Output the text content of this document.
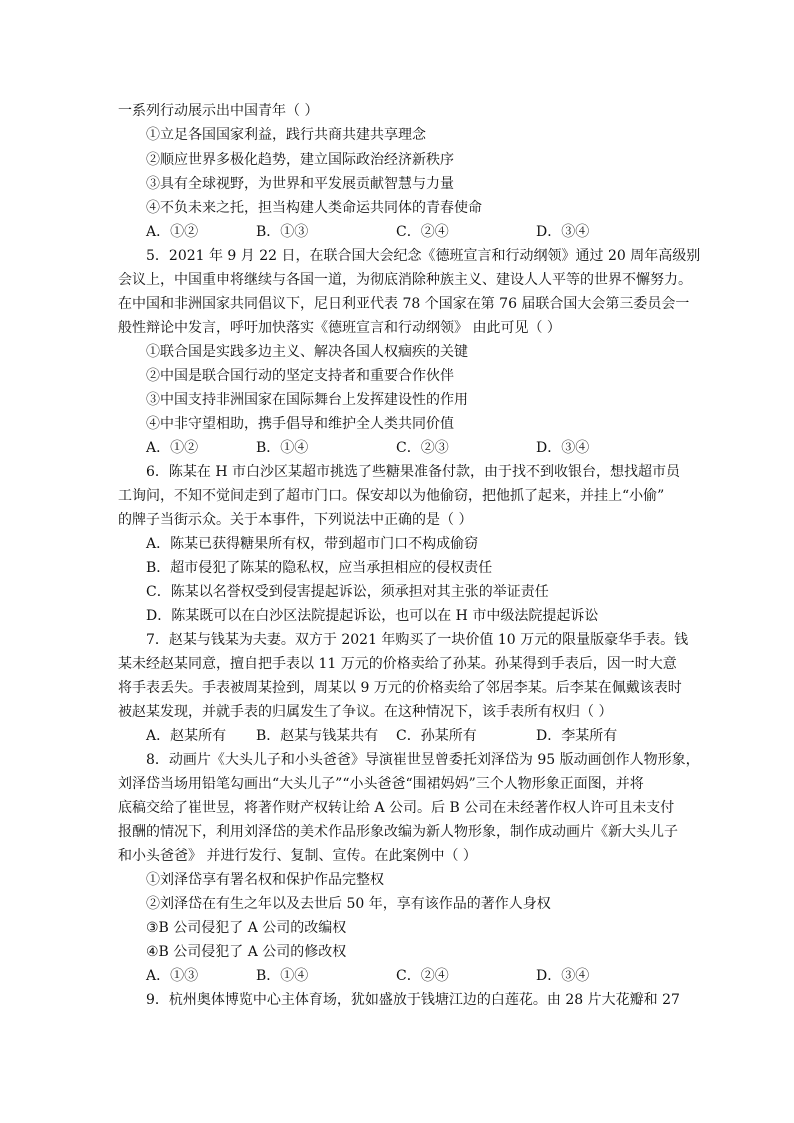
一系列行动展示出中国青年（ ）
①立足各国国家利益，践行共商共建共享理念
②顺应世界多极化趋势，建立国际政治经济新秩序
③具有全球视野，为世界和平发展贡献智慧与力量
④不负未来之托，担当构建人类命运共同体的青春使命
A．①②	B．①③	C．②④	D．③④
5．2021 年 9 月 22 日，在联合国大会纪念《德班宣言和行动纲领》通过 20 周年高级别
会议上，中国重申将继续与各国一道，为彻底消除种族主义、建设人人平等的世界不懈努力。
在中国和非洲国家共同倡议下，尼日利亚代表 78 个国家在第 76 届联合国大会第三委员会一
般性辩论中发言，呼吁加快落实《德班宣言和行动纲领》 由此可见（ ）
①联合国是实践多边主义、解决各国人权痼疾的关键
②中国是联合国行动的坚定支持者和重要合作伙伴
③中国支持非洲国家在国际舞台上发挥建设性的作用
④中非守望相助，携手倡导和维护全人类共同价值
A．①②	B．①④	C．②③	D．③④
6．陈某在 H 市白沙区某超市挑选了些糖果准备付款，由于找不到收银台，想找超市员
工询问，不知不觉间走到了超市门口。保安却以为他偷窃，把他抓了起来，并挂上“小偷”
的牌子当街示众。关于本事件，下列说法中正确的是（ ）
A．陈某已获得糖果所有权，带到超市门口不构成偷窃
B．超市侵犯了陈某的隐私权，应当承担相应的侵权责任
C．陈某以名誉权受到侵害提起诉讼，须承担对其主张的举证责任
D．陈某既可以在白沙区法院提起诉讼，也可以在 H 市中级法院提起诉讼
7．赵某与钱某为夫妻。双方于 2021 年购买了一块价值 10 万元的限量版豪华手表。钱
某未经赵某同意，擅自把手表以 11 万元的价格卖给了孙某。孙某得到手表后，因一时大意
将手表丢失。手表被周某捡到，周某以 9 万元的价格卖给了邻居李某。后李某在佩戴该表时
被赵某发现，并就手表的归属发生了争议。在这种情况下，该手表所有权归（ ）
A．赵某所有 B．赵某与钱某共有 C．孙某所有	D．李某所有
8．动画片《大头儿子和小头爸爸》导演崔世昱曾委托刘泽岱为 95 版动画创作人物形象，
刘泽岱当场用铅笔勾画出“大头儿子”“小头爸爸“围裙妈妈”三个人物形象正面图，并将
底稿交给了崔世昱，将著作财产权转让给 A 公司。后 B 公司在未经著作权人许可且未支付
报酬的情况下，利用刘泽岱的美术作品形象改编为新人物形象，制作成动画片《新大头儿子
和小头爸爸》 并进行发行、复制、宣传。在此案例中（ ）
①刘泽岱享有署名权和保护作品完整权
②刘泽岱在有生之年以及去世后 50 年，享有该作品的著作人身权
③B 公司侵犯了 A 公司的改编权
④B 公司侵犯了 A 公司的修改权
A．①③	B．①④	C．②④	D．③④
9．杭州奥体博览中心主体育场，犹如盛放于钱塘江边的白莲花。由 28 片大花瓣和 27
